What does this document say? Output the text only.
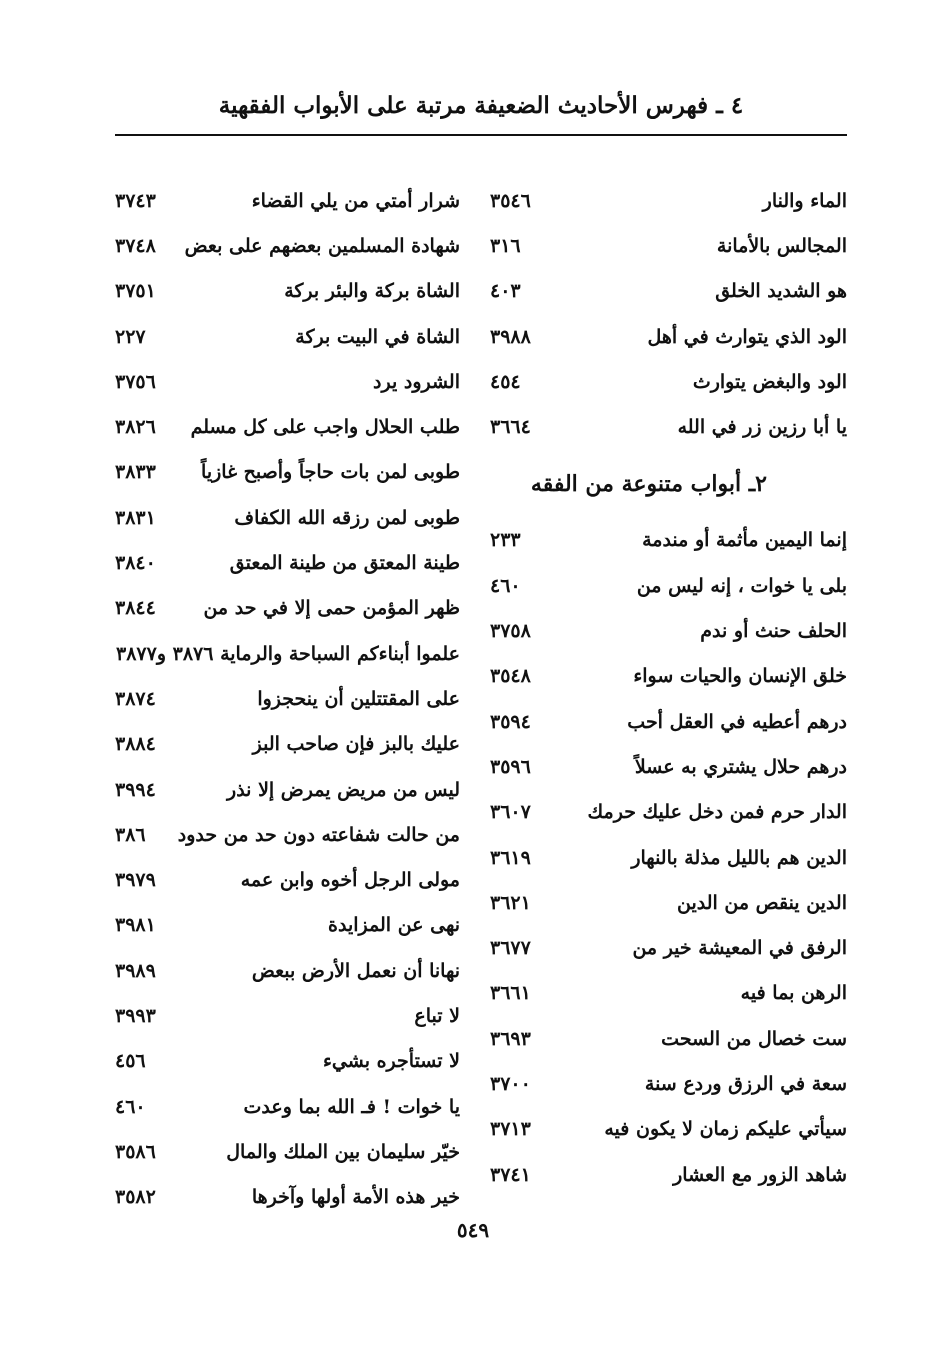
٤ ـ فهرس الأحاديث الضعيفة مرتبة على الأبواب الفقهية
الماء والنار
٣٥٤٦
المجالس بالأمانة
٣١٦
هو الشديد الخلق
٤٠٣
الود الذي يتوارث في أهل
٣٩٨٨
الود والبغض يتوارث
٤٥٤
يا أبا رزين زر في الله
٣٦٦٤
٢ـ أبواب متنوعة من الفقه
إنما اليمين مأثمة أو مندمة
٢٣٣
بلى يا خوات ، إنه ليس من
٤٦٠
الحلف حنث أو ندم
٣٧٥٨
خلق الإنسان والحيات سواء
٣٥٤٨
درهم أعطيه في العقل أحب
٣٥٩٤
درهم حلال يشتري به عسلاً
٣٥٩٦
الدار حرم فمن دخل عليك حرمك
٣٦٠٧
الدين هم بالليل مذلة بالنهار
٣٦١٩
الدين ينقص من الدين
٣٦٢١
الرفق في المعيشة خير من
٣٦٧٧
الرهن بما فيه
٣٦٦١
ست خصال من السحت
٣٦٩٣
سعة في الرزق وردع سنة
٣٧٠٠
سيأتي عليكم زمان لا يكون فيه
٣٧١٣
شاهد الزور مع العشار
٣٧٤١
شرار أمتي من يلي القضاء
٣٧٤٣
شهادة المسلمين بعضهم على بعض
٣٧٤٨
الشاة بركة والبئر بركة
٣٧٥١
الشاة في البيت بركة
٢٢٧
الشرود يرد
٣٧٥٦
طلب الحلال واجب على كل مسلم
٣٨٢٦
طوبى لمن بات حاجاً وأصبح غازياً
٣٨٣٣
طوبى لمن رزقه الله الكفاف
٣٨٣١
طينة المعتق من طينة المعتق
٣٨٤٠
ظهر المؤمن حمى إلا في حد من
٣٨٤٤
علموا أبناءكم السباحة والرماية ٣٨٧٦ و٣٨٧٧
على المقتتلين أن ينحجزوا
٣٨٧٤
عليك بالبز فإن صاحب البز
٣٨٨٤
ليس من مريض يمرض إلا نذر
٣٩٩٤
من حالت شفاعته دون حد من حدود
٣٨٦
مولى الرجل أخوه وابن عمه
٣٩٧٩
نهى عن المزايدة
٣٩٨١
نهانا أن نعمل الأرض ببعض
٣٩٨٩
لا تباع
٣٩٩٣
لا تستأجره بشيء
٤٥٦
يا خوات ! فـ الله بما وعدت
٤٦٠
خيّر سليمان بين الملك والمال
٣٥٨٦
خير هذه الأمة أولها وآخرها
٣٥٨٢
٥٤٩
